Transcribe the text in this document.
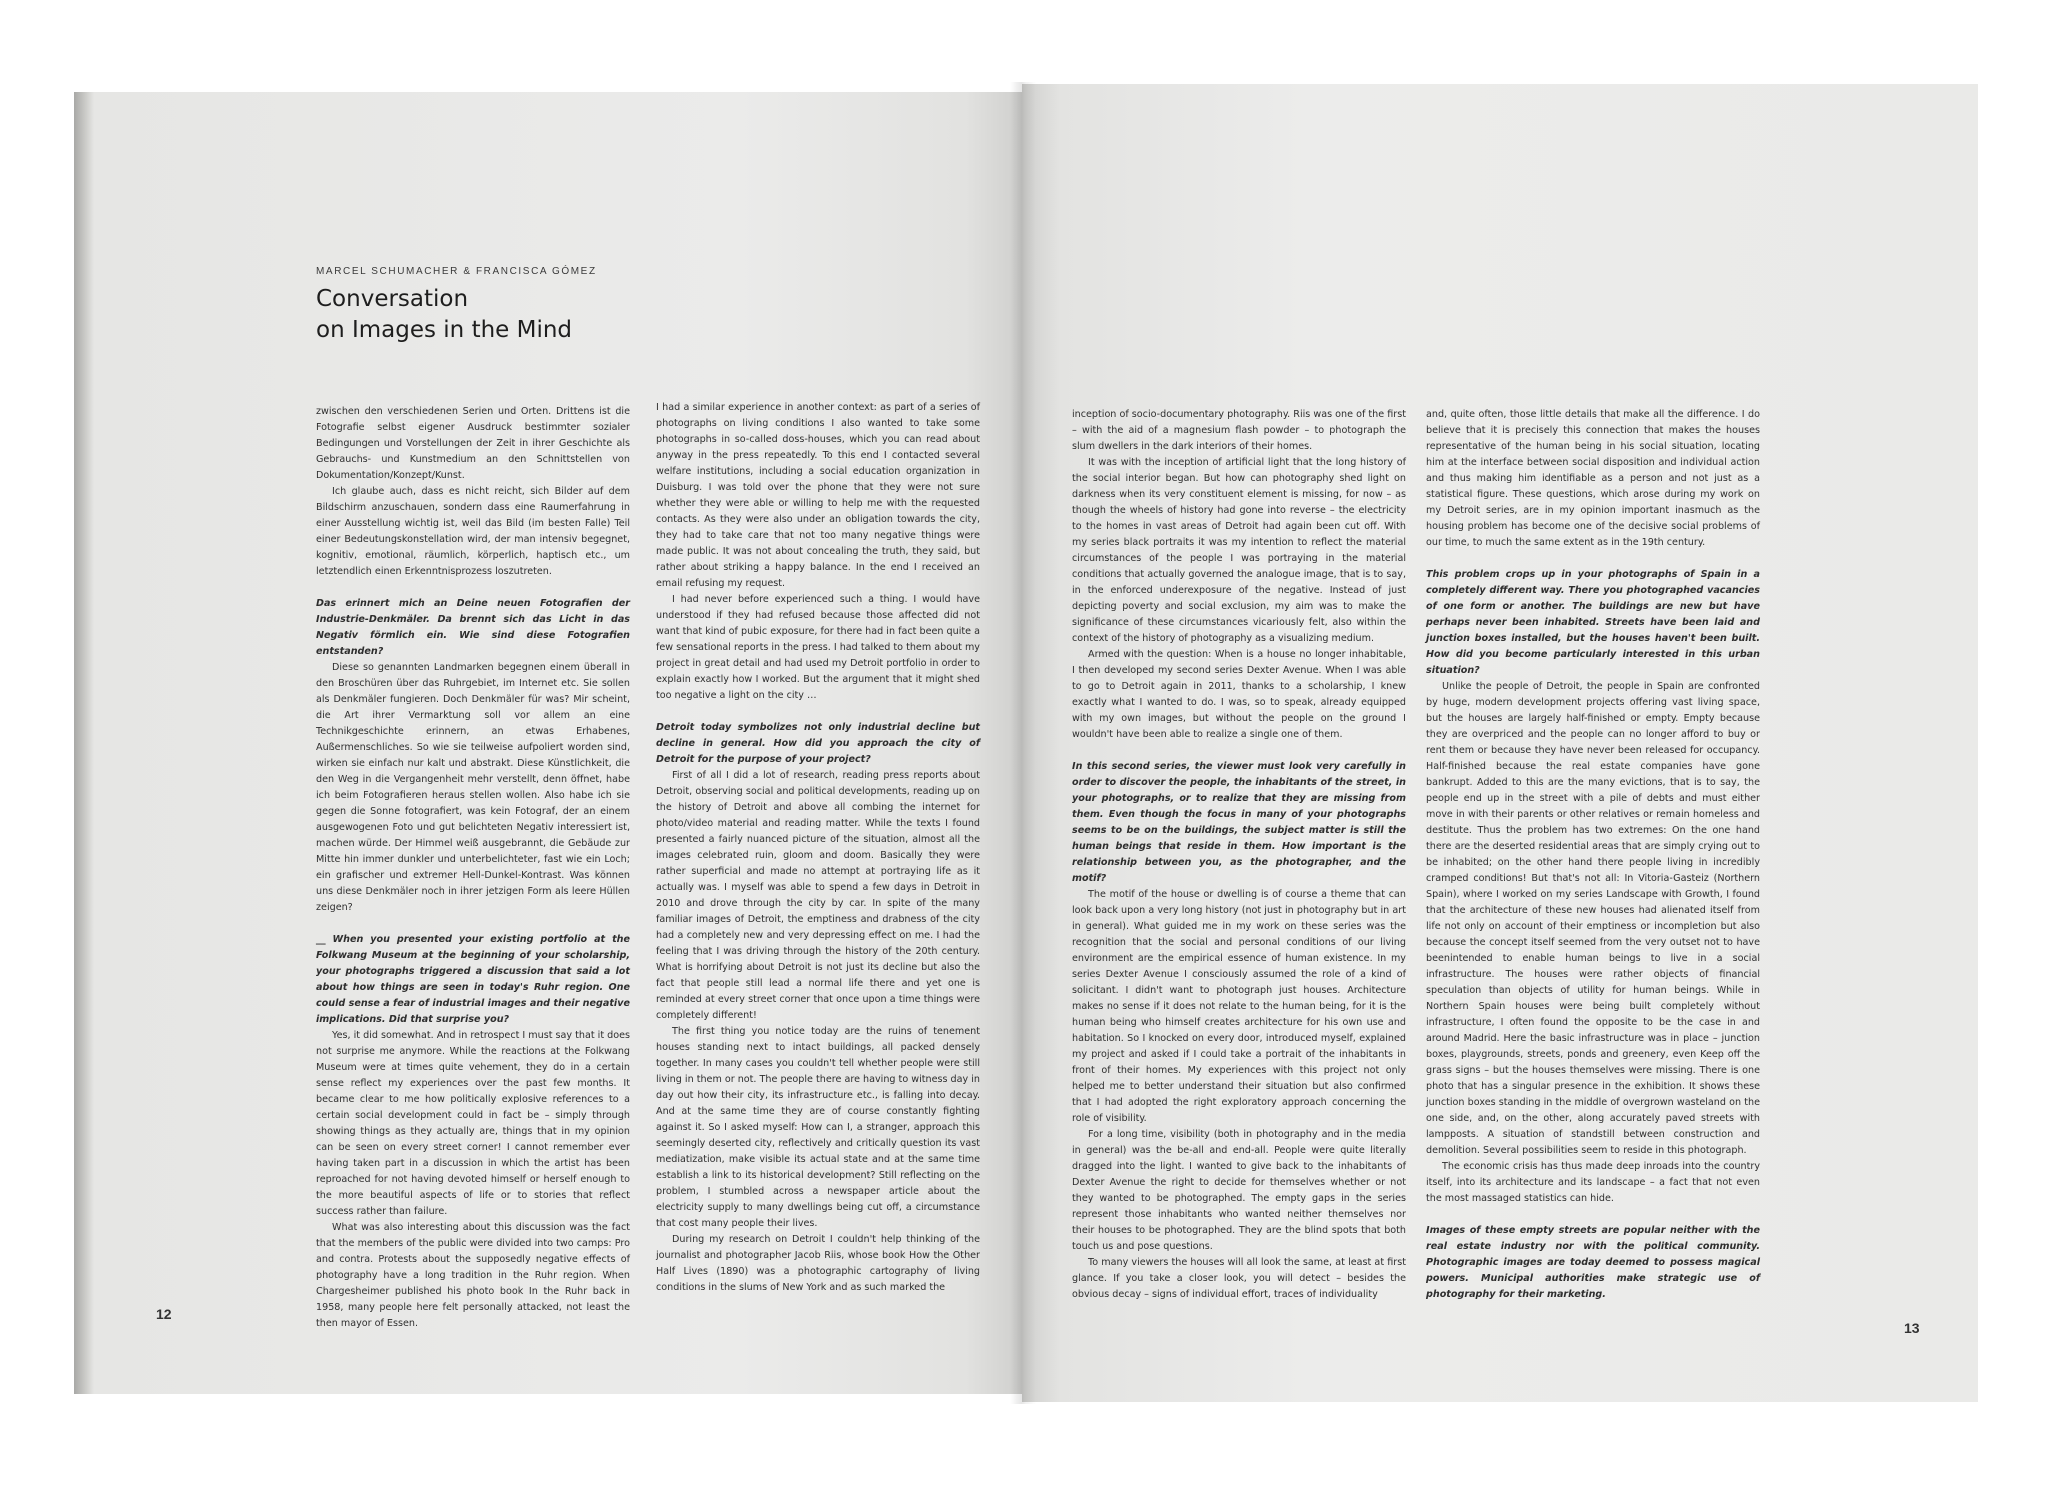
MARCEL SCHUMACHER & FRANCISCA GÓMEZ
Conversation
on Images in the Mind

zwischen den verschiedenen Serien und Orten. Drittens ist die Fotografie selbst eigener Ausdruck bestimmter sozialer Bedingungen und Vorstellungen der Zeit in ihrer Geschichte als Gebrauchs- und Kunstmedium an den Schnittstellen von Dokumentation/Konzept/Kunst.

Ich glaube auch, dass es nicht reicht, sich Bilder auf dem Bildschirm anzuschauen, sondern dass eine Raumerfahrung in einer Ausstellung wichtig ist, weil das Bild (im besten Falle) Teil einer Bedeutungskonstellation wird, der man intensiv begegnet, kognitiv, emotional, räumlich, körperlich, haptisch etc., um letztendlich einen Erkenntnisprozess loszutreten.

Das erinnert mich an Deine neuen Fotografien der Industrie-Denkmäler. Da brennt sich das Licht in das Negativ förmlich ein. Wie sind diese Fotografien entstanden?

Diese so genannten Landmarken begegnen einem überall in den Broschüren über das Ruhrgebiet, im Internet etc. Sie sollen als Denkmäler fungieren. Doch Denkmäler für was? Mir scheint, die Art ihrer Vermarktung soll vor allem an eine Technikgeschichte erinnern, an etwas Erhabenes, Außermenschliches. So wie sie teilweise aufpoliert worden sind, wirken sie einfach nur kalt und abstrakt. Diese Künstlichkeit, die den Weg in die Vergangenheit mehr verstellt, denn öffnet, habe ich beim Fotografieren heraus stellen wollen. Also habe ich sie gegen die Sonne fotografiert, was kein Fotograf, der an einem ausgewogenen Foto und gut belichteten Negativ interessiert ist, machen würde. Der Himmel weiß ausgebrannt, die Gebäude zur Mitte hin immer dunkler und unterbelichteter, fast wie ein Loch; ein grafischer und extremer Hell-Dunkel-Kontrast. Was können uns diese Denkmäler noch in ihrer jetzigen Form als leere Hüllen zeigen?

__ When you presented your existing portfolio at the Folkwang Museum at the beginning of your scholarship, your photographs triggered a discussion that said a lot about how things are seen in today's Ruhr region. One could sense a fear of industrial images and their negative implications. Did that surprise you?

Yes, it did somewhat. And in retrospect I must say that it does not surprise me anymore. While the reactions at the Folkwang Museum were at times quite vehement, they do in a certain sense reflect my experiences over the past few months. It became clear to me how politically explosive references to a certain social development could in fact be – simply through showing things as they actually are, things that in my opinion can be seen on every street corner! I cannot remember ever having taken part in a discussion in which the artist has been reproached for not having devoted himself or herself enough to the more beautiful aspects of life or to stories that reflect success rather than failure.

What was also interesting about this discussion was the fact that the members of the public were divided into two camps: Pro and contra. Protests about the supposedly negative effects of photography have a long tradition in the Ruhr region. When Chargesheimer published his photo book In the Ruhr back in 1958, many people here felt personally attacked, not least the then mayor of Essen.

I had a similar experience in another context: as part of a series of photographs on living conditions I also wanted to take some photographs in so-called doss-houses, which you can read about anyway in the press repeatedly. To this end I contacted several welfare institutions, including a social education organization in Duisburg. I was told over the phone that they were not sure whether they were able or willing to help me with the requested contacts. As they were also under an obligation towards the city, they had to take care that not too many negative things were made public. It was not about concealing the truth, they said, but rather about striking a happy balance. In the end I received an email refusing my request.

I had never before experienced such a thing. I would have understood if they had refused because those affected did not want that kind of pubic exposure, for there had in fact been quite a few sensational reports in the press. I had talked to them about my project in great detail and had used my Detroit portfolio in order to explain exactly how I worked. But the argument that it might shed too negative a light on the city …

Detroit today symbolizes not only industrial decline but decline in general. How did you approach the city of Detroit for the purpose of your project?

First of all I did a lot of research, reading press reports about Detroit, observing social and political developments, reading up on the history of Detroit and above all combing the internet for photo/video material and reading matter. While the texts I found presented a fairly nuanced picture of the situation, almost all the images celebrated ruin, gloom and doom. Basically they were rather superficial and made no attempt at portraying life as it actually was. I myself was able to spend a few days in Detroit in 2010 and drove through the city by car. In spite of the many familiar images of Detroit, the emptiness and drabness of the city had a completely new and very depressing effect on me. I had the feeling that I was driving through the history of the 20th century. What is horrifying about Detroit is not just its decline but also the fact that people still lead a normal life there and yet one is reminded at every street corner that once upon a time things were completely different!

The first thing you notice today are the ruins of tenement houses standing next to intact buildings, all packed densely together. In many cases you couldn't tell whether people were still living in them or not. The people there are having to witness day in day out how their city, its infrastructure etc., is falling into decay. And at the same time they are of course constantly fighting against it. So I asked myself: How can I, a stranger, approach this seemingly deserted city, reflectively and critically question its vast mediatization, make visible its actual state and at the same time establish a link to its historical development? Still reflecting on the problem, I stumbled across a newspaper article about the electricity supply to many dwellings being cut off, a circumstance that cost many people their lives.

During my research on Detroit I couldn't help thinking of the journalist and photographer Jacob Riis, whose book How the Other Half Lives (1890) was a photographic cartography of living conditions in the slums of New York and as such marked the

inception of socio-documentary photography. Riis was one of the first – with the aid of a magnesium flash powder – to photograph the slum dwellers in the dark interiors of their homes.

It was with the inception of artificial light that the long history of the social interior began. But how can photography shed light on darkness when its very constituent element is missing, for now – as though the wheels of history had gone into reverse – the electricity to the homes in vast areas of Detroit had again been cut off. With my series black portraits it was my intention to reflect the material circumstances of the people I was portraying in the material conditions that actually governed the analogue image, that is to say, in the enforced underexposure of the negative. Instead of just depicting poverty and social exclusion, my aim was to make the significance of these circumstances vicariously felt, also within the context of the history of photography as a visualizing medium.

Armed with the question: When is a house no longer inhabitable, I then developed my second series Dexter Avenue. When I was able to go to Detroit again in 2011, thanks to a scholarship, I knew exactly what I wanted to do. I was, so to speak, already equipped with my own images, but without the people on the ground I wouldn't have been able to realize a single one of them.

In this second series, the viewer must look very carefully in order to discover the people, the inhabitants of the street, in your photographs, or to realize that they are missing from them. Even though the focus in many of your photographs seems to be on the buildings, the subject matter is still the human beings that reside in them. How important is the relationship between you, as the photographer, and the motif?

The motif of the house or dwelling is of course a theme that can look back upon a very long history (not just in photography but in art in general). What guided me in my work on these series was the recognition that the social and personal conditions of our living environment are the empirical essence of human existence. In my series Dexter Avenue I consciously assumed the role of a kind of solicitant. I didn't want to photograph just houses. Architecture makes no sense if it does not relate to the human being, for it is the human being who himself creates architecture for his own use and habitation. So I knocked on every door, introduced myself, explained my project and asked if I could take a portrait of the inhabitants in front of their homes. My experiences with this project not only helped me to better understand their situation but also confirmed that I had adopted the right exploratory approach concerning the role of visibility.

For a long time, visibility (both in photography and in the media in general) was the be-all and end-all. People were quite literally dragged into the light. I wanted to give back to the inhabitants of Dexter Avenue the right to decide for themselves whether or not they wanted to be photographed. The empty gaps in the series represent those inhabitants who wanted neither themselves nor their houses to be photographed. They are the blind spots that both touch us and pose questions.

To many viewers the houses will all look the same, at least at first glance. If you take a closer look, you will detect – besides the obvious decay – signs of individual effort, traces of individuality

and, quite often, those little details that make all the difference. I do believe that it is precisely this connection that makes the houses representative of the human being in his social situation, locating him at the interface between social disposition and individual action and thus making him identifiable as a person and not just as a statistical figure. These questions, which arose during my work on my Detroit series, are in my opinion important inasmuch as the housing problem has become one of the decisive social problems of our time, to much the same extent as in the 19th century.

This problem crops up in your photographs of Spain in a completely different way. There you photographed vacancies of one form or another. The buildings are new but have perhaps never been inhabited. Streets have been laid and junction boxes installed, but the houses haven't been built. How did you become particularly interested in this urban situation?

Unlike the people of Detroit, the people in Spain are confronted by huge, modern development projects offering vast living space, but the houses are largely half-finished or empty. Empty because they are overpriced and the people can no longer afford to buy or rent them or because they have never been released for occupancy. Half-finished because the real estate companies have gone bankrupt. Added to this are the many evictions, that is to say, the people end up in the street with a pile of debts and must either move in with their parents or other relatives or remain homeless and destitute. Thus the problem has two extremes: On the one hand there are the deserted residential areas that are simply crying out to be inhabited; on the other hand there people living in incredibly cramped conditions! But that's not all: In Vitoria-Gasteiz (Northern Spain), where I worked on my series Landscape with Growth, I found that the architecture of these new houses had alienated itself from life not only on account of their emptiness or incompletion but also because the concept itself seemed from the very outset not to have beenintended to enable human beings to live in a social infrastructure. The houses were rather objects of financial speculation than objects of utility for human beings. While in Northern Spain houses were being built completely without infrastructure, I often found the opposite to be the case in and around Madrid. Here the basic infrastructure was in place – junction boxes, playgrounds, streets, ponds and greenery, even Keep off the grass signs – but the houses themselves were missing. There is one photo that has a singular presence in the exhibition. It shows these junction boxes standing in the middle of overgrown wasteland on the one side, and, on the other, along accurately paved streets with lampposts. A situation of standstill between construction and demolition. Several possibilities seem to reside in this photograph.

The economic crisis has thus made deep inroads into the country itself, into its architecture and its landscape – a fact that not even the most massaged statistics can hide.

Images of these empty streets are popular neither with the real estate industry nor with the political community. Photographic images are today deemed to possess magical powers. Municipal authorities make strategic use of photography for their marketing.

12
13
